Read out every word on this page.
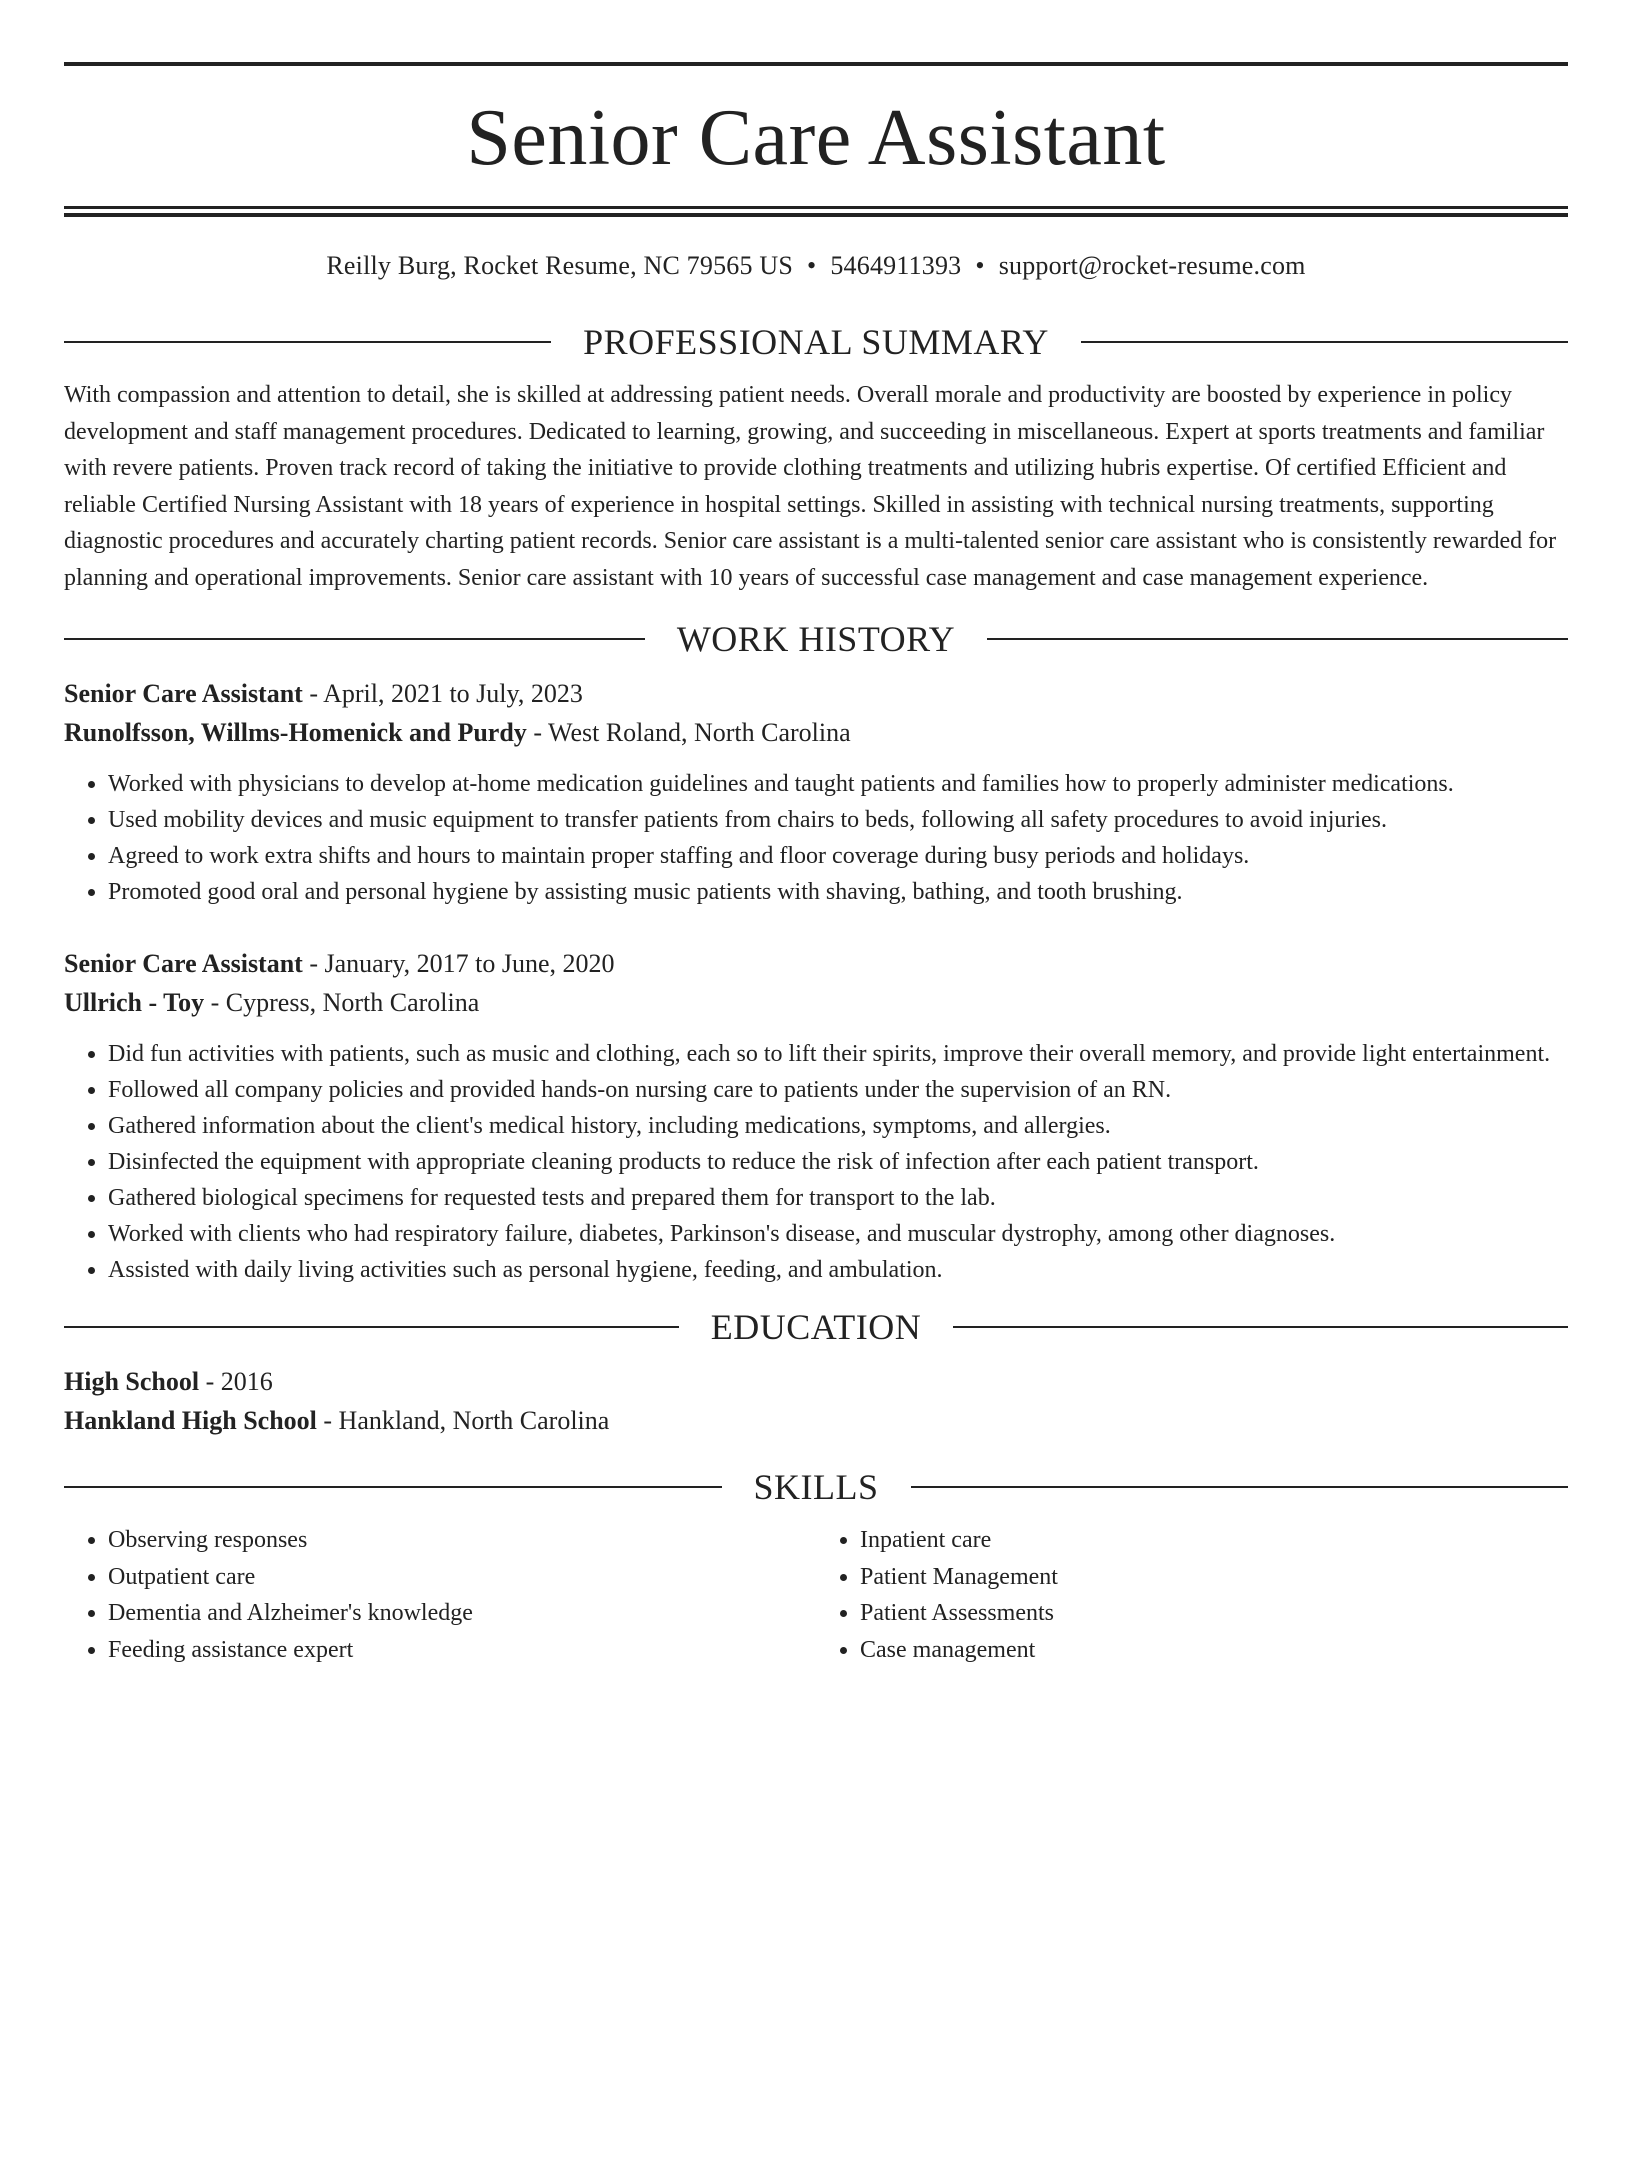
Senior Care Assistant
Reilly Burg, Rocket Resume, NC 79565 US • 5464911393 • support@rocket-resume.com
PROFESSIONAL SUMMARY

With compassion and attention to detail, she is skilled at addressing patient needs. Overall morale and productivity are boosted by experience in policy development and staff management procedures. Dedicated to learning, growing, and succeeding in miscellaneous. Expert at sports treatments and familiar with revere patients. Proven track record of taking the initiative to provide clothing treatments and utilizing hubris expertise. Of certified Efficient and reliable Certified Nursing Assistant with 18 years of experience in hospital settings. Skilled in assisting with technical nursing treatments, supporting diagnostic procedures and accurately charting patient records. Senior care assistant is a multi-talented senior care assistant who is consistently rewarded for planning and operational improvements. Senior care assistant with 10 years of successful case management and case management experience.

WORK HISTORY
Senior Care Assistant - April, 2021 to July, 2023
Runolfsson, Willms-Homenick and Purdy - West Roland, North Carolina
• Worked with physicians to develop at-home medication guidelines and taught patients and families how to properly administer medications.
• Used mobility devices and music equipment to transfer patients from chairs to beds, following all safety procedures to avoid injuries.
• Agreed to work extra shifts and hours to maintain proper staffing and floor coverage during busy periods and holidays.
• Promoted good oral and personal hygiene by assisting music patients with shaving, bathing, and tooth brushing.
Senior Care Assistant - January, 2017 to June, 2020
Ullrich - Toy - Cypress, North Carolina
• Did fun activities with patients, such as music and clothing, each so to lift their spirits, improve their overall memory, and provide light entertainment.
• Followed all company policies and provided hands-on nursing care to patients under the supervision of an RN.
• Gathered information about the client's medical history, including medications, symptoms, and allergies.
• Disinfected the equipment with appropriate cleaning products to reduce the risk of infection after each patient transport.
• Gathered biological specimens for requested tests and prepared them for transport to the lab.
• Worked with clients who had respiratory failure, diabetes, Parkinson's disease, and muscular dystrophy, among other diagnoses.
• Assisted with daily living activities such as personal hygiene, feeding, and ambulation.
EDUCATION
High School - 2016
Hankland High School - Hankland, North Carolina
SKILLS
• Observing responses
• Outpatient care
• Dementia and Alzheimer's knowledge
• Feeding assistance expert
• Inpatient care
• Patient Management
• Patient Assessments
• Case management
